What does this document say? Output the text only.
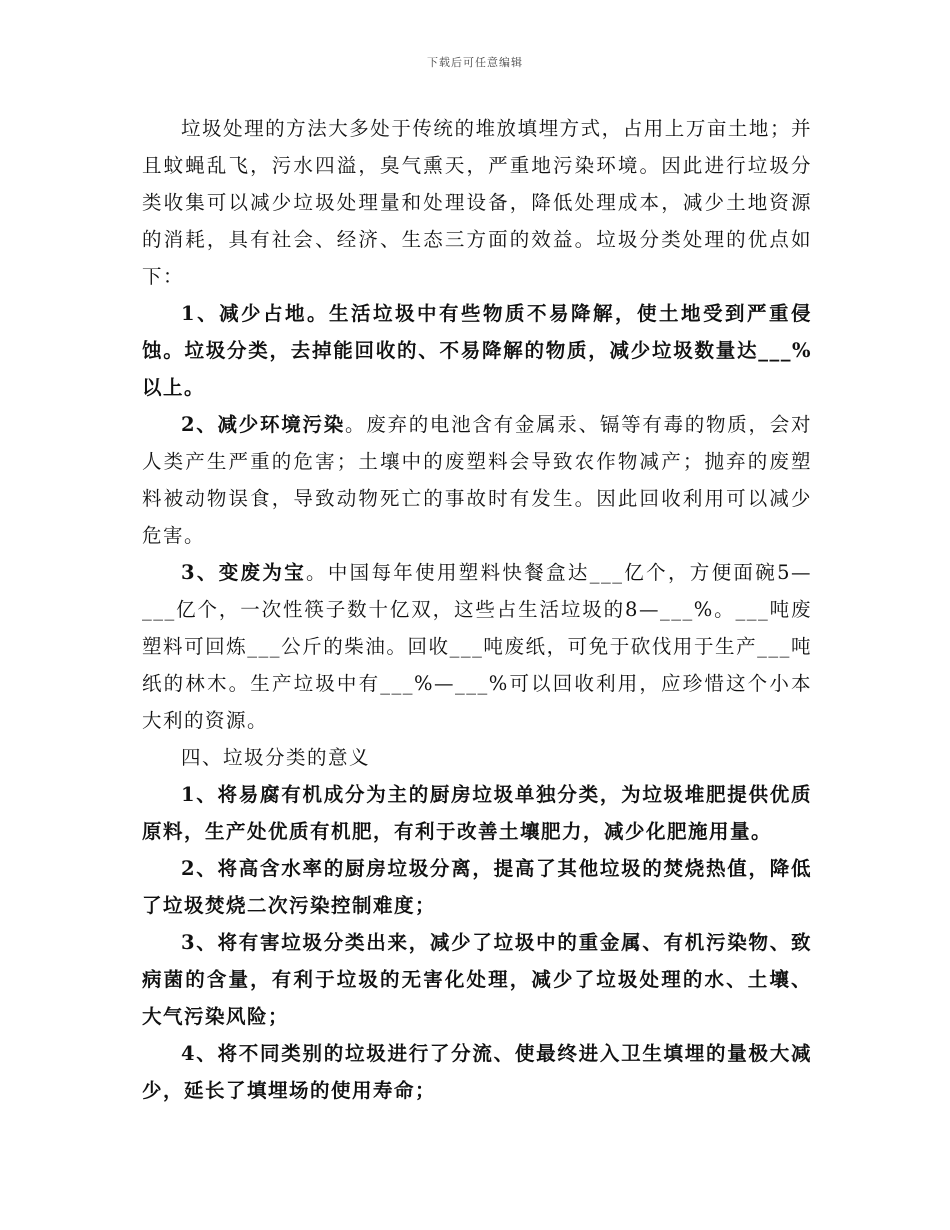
下载后可任意编辑

垃圾处理的方法大多处于传统的堆放填埋方式，占用上万亩土地；并且蚊蝇乱飞，污水四溢，臭气熏天，严重地污染环境。因此进行垃圾分类收集可以减少垃圾处理量和处理设备，降低处理成本，减少土地资源的消耗，具有社会、经济、生态三方面的效益。垃圾分类处理的优点如下：

1、减少占地。生活垃圾中有些物质不易降解，使土地受到严重侵蚀。垃圾分类，去掉能回收的、不易降解的物质，减少垃圾数量达___%以上。

2、减少环境污染。废弃的电池含有金属汞、镉等有毒的物质，会对人类产生严重的危害；土壤中的废塑料会导致农作物减产；抛弃的废塑料被动物误食，导致动物死亡的事故时有发生。因此回收利用可以减少危害。

3、变废为宝。中国每年使用塑料快餐盒达___亿个，方便面碗5—___亿个，一次性筷子数十亿双，这些占生活垃圾的8—___%。___吨废塑料可回炼___公斤的柴油。回收___吨废纸，可免于砍伐用于生产___吨纸的林木。生产垃圾中有___%—___%可以回收利用，应珍惜这个小本大利的资源。

四、垃圾分类的意义

1、将易腐有机成分为主的厨房垃圾单独分类，为垃圾堆肥提供优质原料，生产处优质有机肥，有利于改善土壤肥力，减少化肥施用量。

2、将高含水率的厨房垃圾分离，提高了其他垃圾的焚烧热值，降低了垃圾焚烧二次污染控制难度；

3、将有害垃圾分类出来，减少了垃圾中的重金属、有机污染物、致病菌的含量，有利于垃圾的无害化处理，减少了垃圾处理的水、土壤、大气污染风险；

4、将不同类别的垃圾进行了分流、使最终进入卫生填埋的量极大减少，延长了填埋场的使用寿命；
